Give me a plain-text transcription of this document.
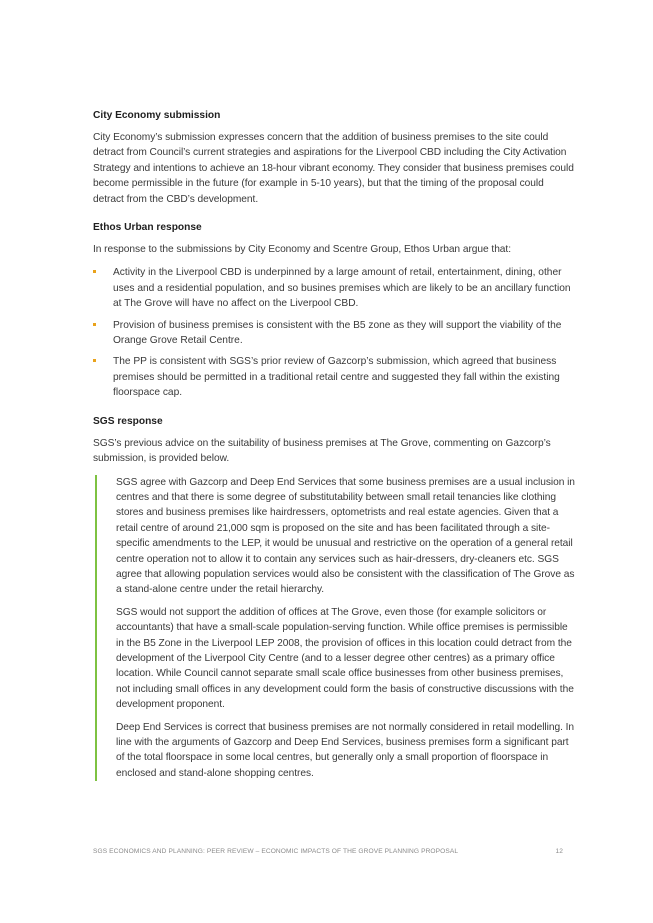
City Economy submission

City Economy’s submission expresses concern that the addition of business premises to the site could detract from Council’s current strategies and aspirations for the Liverpool CBD including the City Activation Strategy and intentions to achieve an 18-hour vibrant economy. They consider that business premises could become permissible in the future (for example in 5-10 years), but that the timing of the proposal could detract from the CBD’s development.

Ethos Urban response

In response to the submissions by City Economy and Scentre Group, Ethos Urban argue that:

Activity in the Liverpool CBD is underpinned by a large amount of retail, entertainment, dining, other uses and a residential population, and so busines premises which are likely to be an ancillary function at The Grove will have no affect on the Liverpool CBD.
Provision of business premises is consistent with the B5 zone as they will support the viability of the Orange Grove Retail Centre.
The PP is consistent with SGS’s prior review of Gazcorp’s submission, which agreed that business premises should be permitted in a traditional retail centre and suggested they fall within the existing floorspace cap.
SGS response

SGS’s previous advice on the suitability of business premises at The Grove, commenting on Gazcorp’s submission, is provided below.

SGS agree with Gazcorp and Deep End Services that some business premises are a usual inclusion in centres and that there is some degree of substitutability between small retail tenancies like clothing stores and business premises like hairdressers, optometrists and real estate agencies. Given that a retail centre of around 21,000 sqm is proposed on the site and has been facilitated through a site-specific amendments to the LEP, it would be unusual and restrictive on the operation of a general retail centre operation not to allow it to contain any services such as hair-dressers, dry-cleaners etc. SGS agree that allowing population services would also be consistent with the classification of The Grove as a stand-alone centre under the retail hierarchy.

SGS would not support the addition of offices at The Grove, even those (for example solicitors or accountants) that have a small-scale population-serving function. While office premises is permissible in the B5 Zone in the Liverpool LEP 2008, the provision of offices in this location could detract from the development of the Liverpool City Centre (and to a lesser degree other centres) as a primary office location. While Council cannot separate small scale office businesses from other business premises, not including small offices in any development could form the basis of constructive discussions with the development proponent.

Deep End Services is correct that business premises are not normally considered in retail modelling. In line with the arguments of Gazcorp and Deep End Services, business premises form a significant part of the total floorspace in some local centres, but generally only a small proportion of floorspace in enclosed and stand-alone shopping centres.

SGS ECONOMICS AND PLANNING: PEER REVIEW – ECONOMIC IMPACTS OF THE GROVE PLANNING PROPOSAL	12
